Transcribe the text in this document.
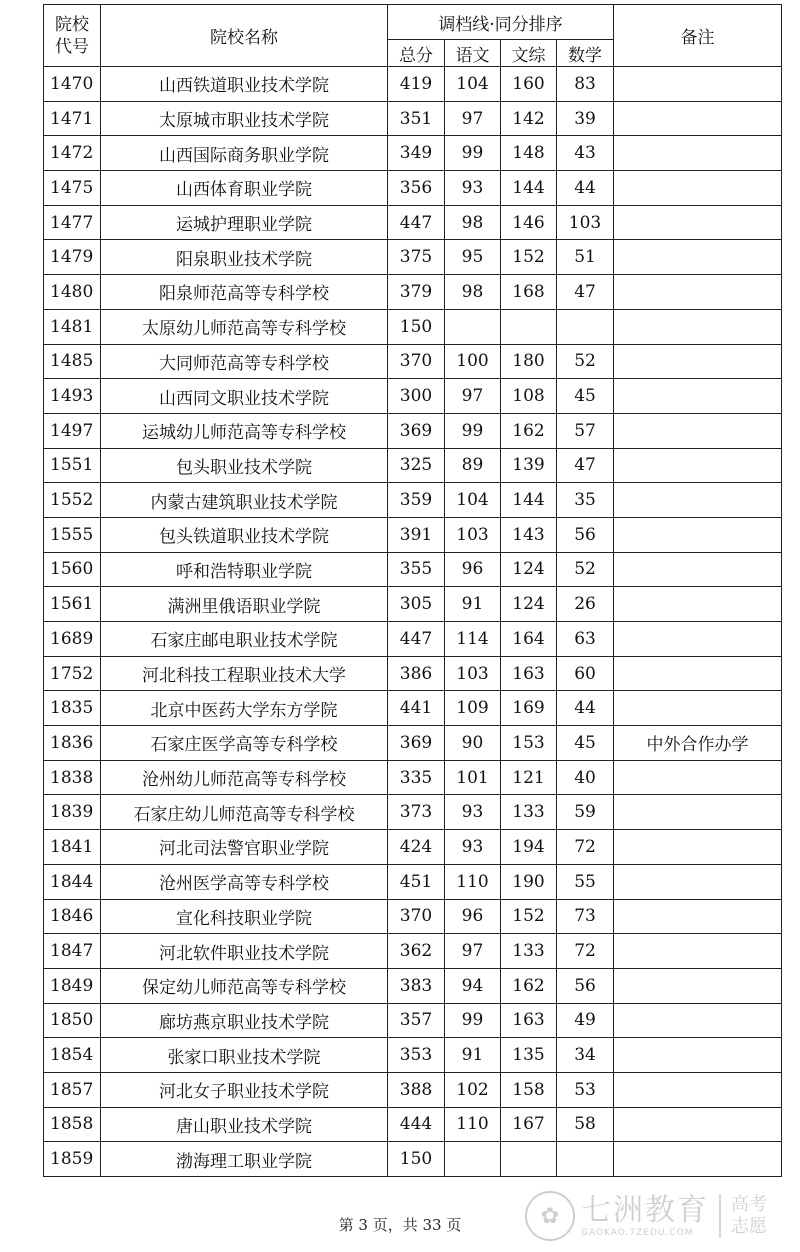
院校
代号	院校名称	调档线·同分排序				备注
		总分	语文	文综	数学	
1470	山西铁道职业技术学院	419	104	160	83	
1471	太原城市职业技术学院	351	97	142	39	
1472	山西国际商务职业学院	349	99	148	43	
1475	山西体育职业学院	356	93	144	44	
1477	运城护理职业学院	447	98	146	103	
1479	阳泉职业技术学院	375	95	152	51	
1480	阳泉师范高等专科学校	379	98	168	47	
1481	太原幼儿师范高等专科学校	150				
1485	大同师范高等专科学校	370	100	180	52	
1493	山西同文职业技术学院	300	97	108	45	
1497	运城幼儿师范高等专科学校	369	99	162	57	
1551	包头职业技术学院	325	89	139	47	
1552	内蒙古建筑职业技术学院	359	104	144	35	
1555	包头铁道职业技术学院	391	103	143	56	
1560	呼和浩特职业学院	355	96	124	52	
1561	满洲里俄语职业学院	305	91	124	26	
1689	石家庄邮电职业技术学院	447	114	164	63	
1752	河北科技工程职业技术大学	386	103	163	60	
1835	北京中医药大学东方学院	441	109	169	44	
1836	石家庄医学高等专科学校	369	90	153	45	中外合作办学
1838	沧州幼儿师范高等专科学校	335	101	121	40	
1839	石家庄幼儿师范高等专科学校	373	93	133	59	
1841	河北司法警官职业学院	424	93	194	72	
1844	沧州医学高等专科学校	451	110	190	55	
1846	宣化科技职业学院	370	96	152	73	
1847	河北软件职业技术学院	362	97	133	72	
1849	保定幼儿师范高等专科学校	383	94	162	56	
1850	廊坊燕京职业技术学院	357	99	163	49	
1854	张家口职业技术学院	353	91	135	34	
1857	河北女子职业技术学院	388	102	158	53	
1858	唐山职业技术学院	444	110	167	58	
1859	渤海理工职业学院	150				
第 3 页，共 33 页	✿ 七洲教育
GAOKAO.7ZEDU.COM
高考
志愿
